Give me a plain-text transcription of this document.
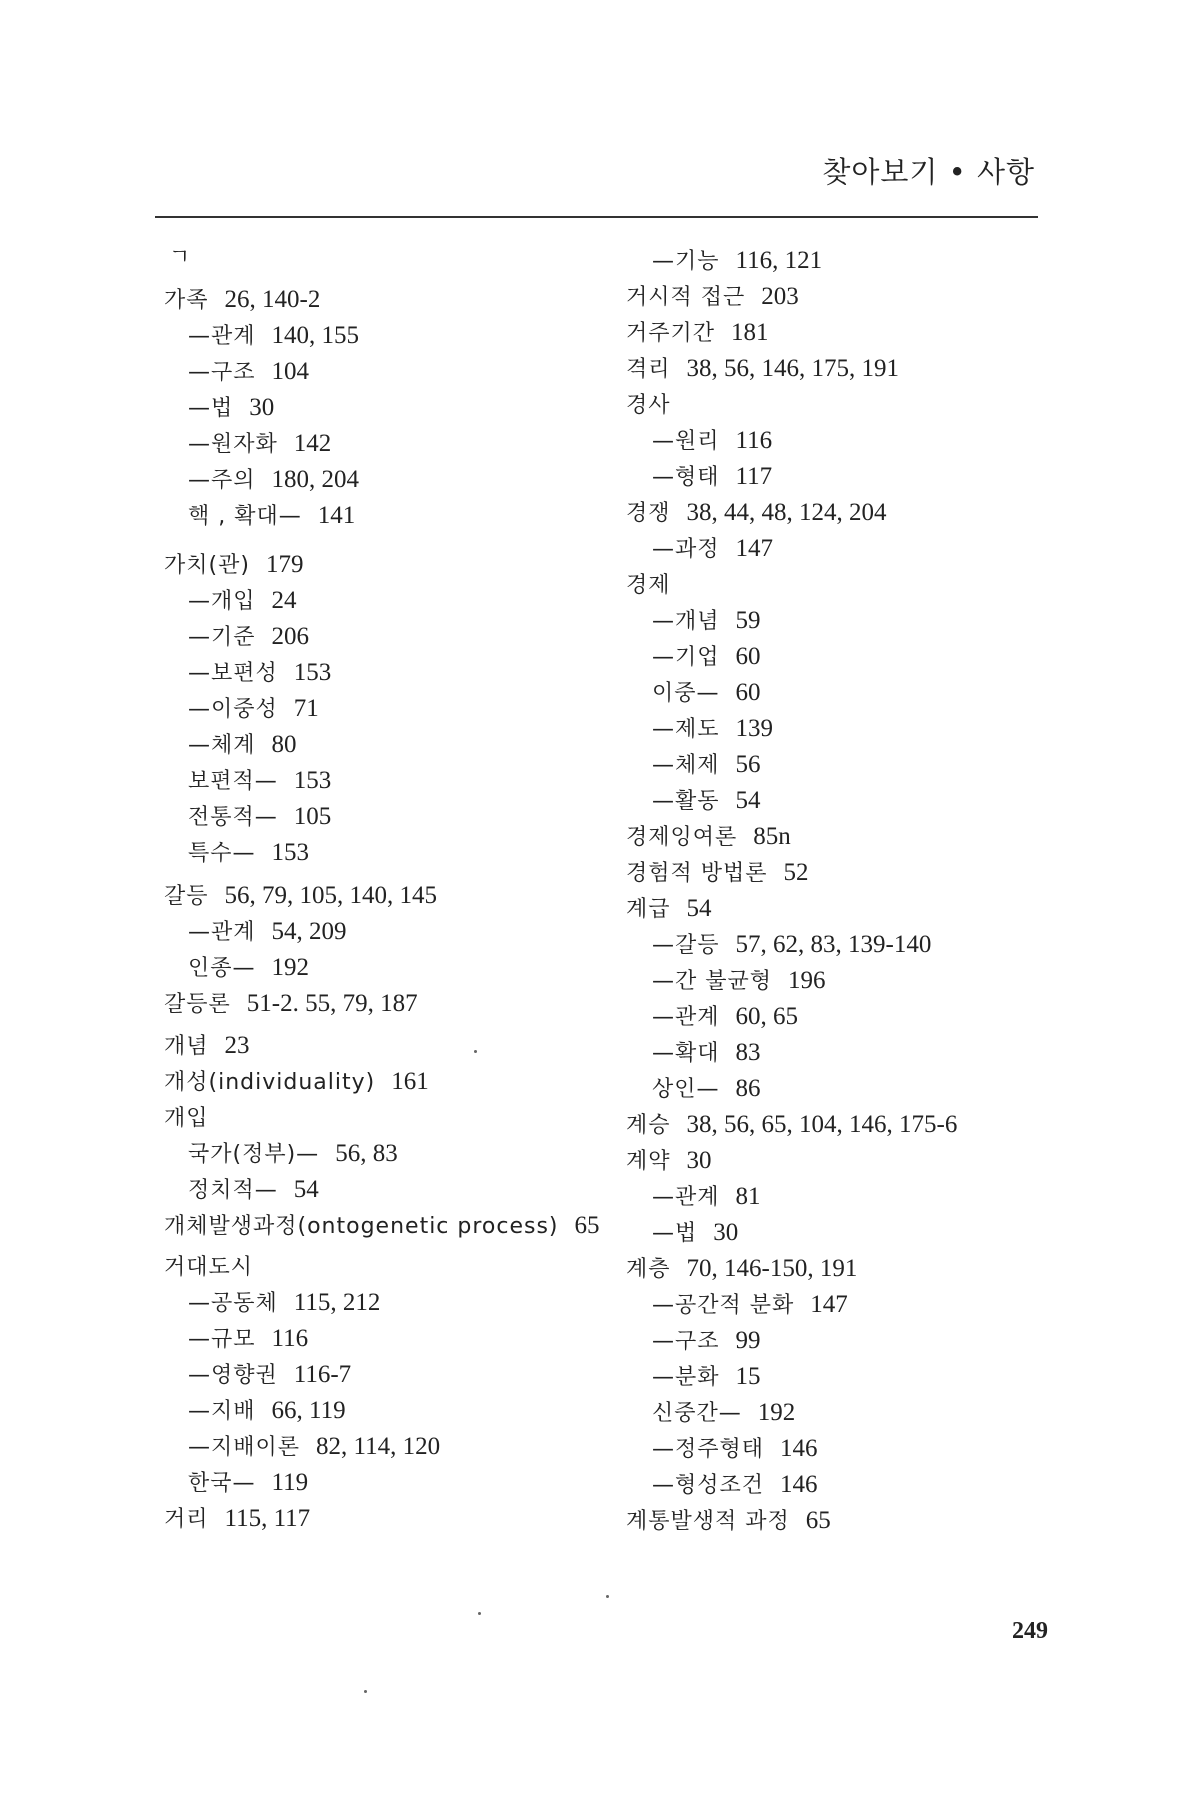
찾아보기 • 사항
ㄱ
가족 26, 140-2
—관계 140, 155
—구조 104
—법 30
—원자화 142
—주의 180, 204
핵 , 확대— 141
가치(관) 179
—개입 24
—기준 206
—보편성 153
—이중성 71
—체계 80
보편적— 153
전통적— 105
특수— 153
갈등 56, 79, 105, 140, 145
—관계 54, 209
인종— 192
갈등론 51-2. 55, 79, 187
개념 23
개성(individuality) 161
개입
국가(정부)— 56, 83
정치적— 54
개체발생과정(ontogenetic process) 65
거대도시
—공동체 115, 212
—규모 116
—영향권 116-7
—지배 66, 119
—지배이론 82, 114, 120
한국— 119
거리 115, 117
—기능 116, 121
거시적 접근 203
거주기간 181
격리 38, 56, 146, 175, 191
경사
—원리 116
—형태 117
경쟁 38, 44, 48, 124, 204
—과정 147
경제
—개념 59
—기업 60
이중— 60
—제도 139
—체제 56
—활동 54
경제잉여론 85n
경험적 방법론 52
계급 54
—갈등 57, 62, 83, 139-140
—간 불균형 196
—관계 60, 65
—확대 83
상인— 86
계승 38, 56, 65, 104, 146, 175-6
계약 30
—관계 81
—법 30
계층 70, 146-150, 191
—공간적 분화 147
—구조 99
—분화 15
신중간— 192
—정주형태 146
—형성조건 146
계통발생적 과정 65
249
